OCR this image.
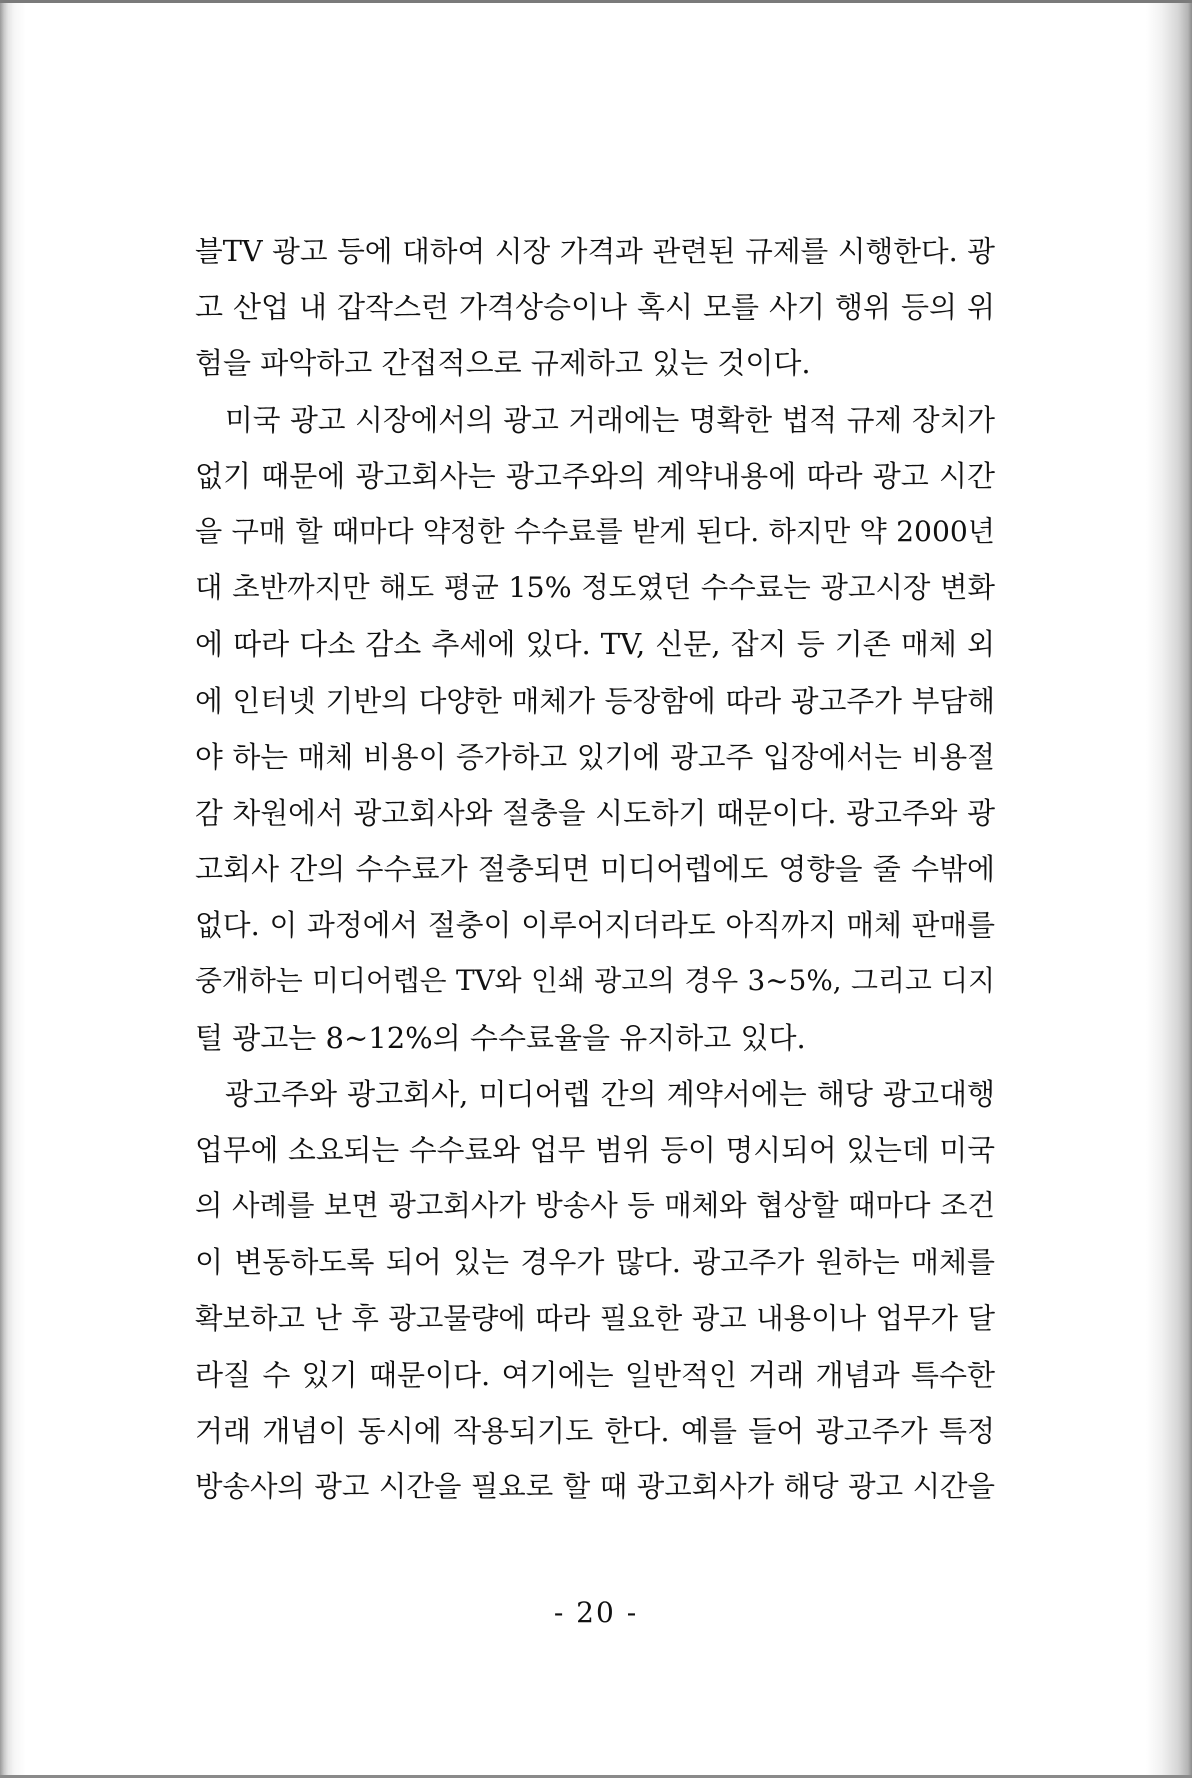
블TV 광고 등에 대하여 시장 가격과 관련된 규제를 시행한다. 광
고 산업 내 갑작스런 가격상승이나 혹시 모를 사기 행위 등의 위
험을 파악하고 간접적으로 규제하고 있는 것이다.
미국 광고 시장에서의 광고 거래에는 명확한 법적 규제 장치가
없기 때문에 광고회사는 광고주와의 계약내용에 따라 광고 시간
을 구매 할 때마다 약정한 수수료를 받게 된다. 하지만 약 2000년
대 초반까지만 해도 평균 15% 정도였던 수수료는 광고시장 변화
에 따라 다소 감소 추세에 있다. TV, 신문, 잡지 등 기존 매체 외
에 인터넷 기반의 다양한 매체가 등장함에 따라 광고주가 부담해
야 하는 매체 비용이 증가하고 있기에 광고주 입장에서는 비용절
감 차원에서 광고회사와 절충을 시도하기 때문이다. 광고주와 광
고회사 간의 수수료가 절충되면 미디어렙에도 영향을 줄 수밖에
없다. 이 과정에서 절충이 이루어지더라도 아직까지 매체 판매를
중개하는 미디어렙은 TV와 인쇄 광고의 경우 3~5%, 그리고 디지
털 광고는 8~12%의 수수료율을 유지하고 있다.
광고주와 광고회사, 미디어렙 간의 계약서에는 해당 광고대행
업무에 소요되는 수수료와 업무 범위 등이 명시되어 있는데 미국
의 사례를 보면 광고회사가 방송사 등 매체와 협상할 때마다 조건
이 변동하도록 되어 있는 경우가 많다. 광고주가 원하는 매체를
확보하고 난 후 광고물량에 따라 필요한 광고 내용이나 업무가 달
라질 수 있기 때문이다. 여기에는 일반적인 거래 개념과 특수한
거래 개념이 동시에 작용되기도 한다. 예를 들어 광고주가 특정
방송사의 광고 시간을 필요로 할 때 광고회사가 해당 광고 시간을
- 20 -
